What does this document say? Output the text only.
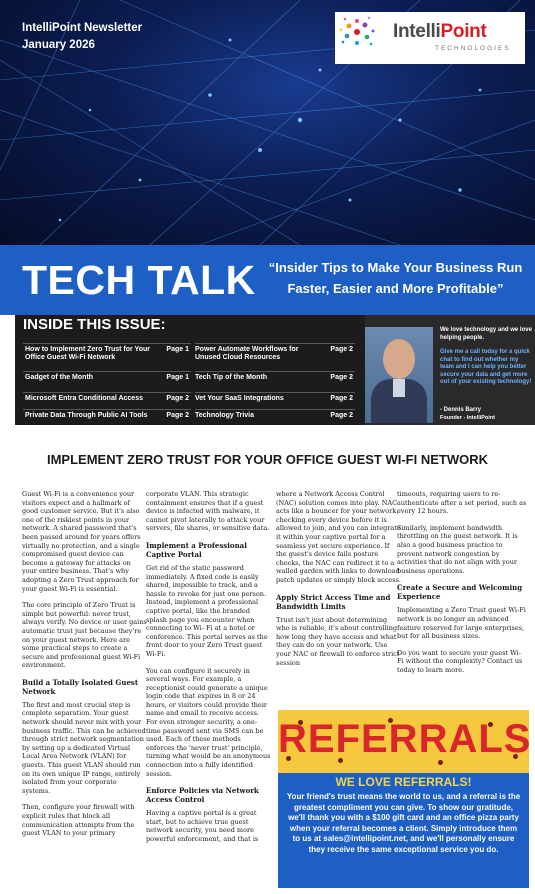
IntelliPoint Newsletter
January 2026
IntelliPoint
TECHNOLOGIES
TECH TALK “Insider Tips to Make Your Business Run Faster, Easier and More Profitable”
INSIDE THIS ISSUE:
How to Implement Zero Trust for Your Office Guest Wi-Fi Network
Page 1
Gadget of the Month	Page 1
Microsoft Entra Conditional Access	Page 2
Private Data Through Public AI Tools	Page 2
Power Automate Workflows for Unused Cloud Resources
Page 2
Tech Tip of the Month	Page 2
Vet Your SaaS Integrations	Page 2
Technology Trivia	Page 2
We love technology and we love helping people.
Give me a call today for a quick chat to find out whether my team and I can help you better secure your data and get more out of your existing technology!
- Dennis Barry
Founder - IntelliPoint
IMPLEMENT ZERO TRUST FOR YOUR OFFICE GUEST WI-FI NETWORK

Guest Wi-Fi is a convenience your visitors expect and a hallmark of good customer service. But it's also one of the riskiest points in your network. A shared password that's been passed around for years offers virtually no protection, and a single compromised guest device can become a gateway for attacks on your entire business. That's why adopting a Zero Trust approach for your guest Wi-Fi is essential.

The core principle of Zero Trust is simple but powerful: never trust, always verify. No device or user gains automatic trust just because they're on your guest network. Here are some practical steps to create a secure and professional guest Wi-Fi environment.

Build a Totally Isolated Guest Network

The first and most crucial step is complete separation. Your guest network should never mix with your business traffic. This can be achieved through strict network segmentation by setting up a dedicated Virtual Local Area Network (VLAN) for guests. This guest VLAN should run on its own unique IP range, entirely isolated from your corporate systems.

Then, configure your firewall with explicit rules that block all communication attempts from the guest VLAN to your primary

corporate VLAN. This strategic containment ensures that if a guest device is infected with malware, it cannot pivot laterally to attack your servers, file shares, or sensitive data.

Implement a Professional Captive Portal

Get rid of the static password immediately. A fixed code is easily shared, impossible to track, and a hassle to revoke for just one person. Instead, implement a professional captive portal, like the branded splash page you encounter when connecting to Wi- Fi at a hotel or conference. This portal serves as the front door to your Zero Trust guest Wi-Fi.

You can configure it securely in several ways. For example, a receptionist could generate a unique login code that expires in 8 or 24 hours, or visitors could provide their name and email to receive access. For even stronger security, a one-time password sent via SMS can be used. Each of these methods enforces the 'never trust' principle, turning what would be an anonymous connection into a fully identified session.

Enforce Policies via Network Access Control

Having a captive portal is a great start, but to achieve true guest network security, you need more powerful enforcement, and that is

where a Network Access Control (NAC) solution comes into play. NAC acts like a bouncer for your network, checking every device before it is allowed to join, and you can integrate it within your captive portal for a seamless yet secure experience. If the guest's device fails posture checks, the NAC can redirect it to a walled garden with links to download patch updates or simply block access.

Apply Strict Access Time and Bandwidth Limits

Trust isn't just about determining who is reliable, it's about controlling how long they have access and what they can do on your network. Use your NAC or firewall to enforce strict session

timeouts, requiring users to re-authenticate after a set period, such as every 12 hours.

Similarly, implement bandwidth throttling on the guest network. It is also a good business practice to prevent network congestion by activities that do not align with your business operations.

Create a Secure and Welcoming Experience

Implementing a Zero Trust guest Wi-Fi network is no longer an advanced feature reserved for large enterprises, but for all business sizes.

Do you want to secure your guest Wi-Fi without the complexity? Contact us today to learn more.

REFERRALS
WE LOVE REFERRALS!
Your friend's trust means the world to us, and a referral is the greatest compliment you can give. To show our gratitude, we'll thank you with a $100 gift card and an office pizza party when your referral becomes a client. Simply introduce them to us at sales@intellipoint.net, and we'll personally ensure they receive the same exceptional service you do.
